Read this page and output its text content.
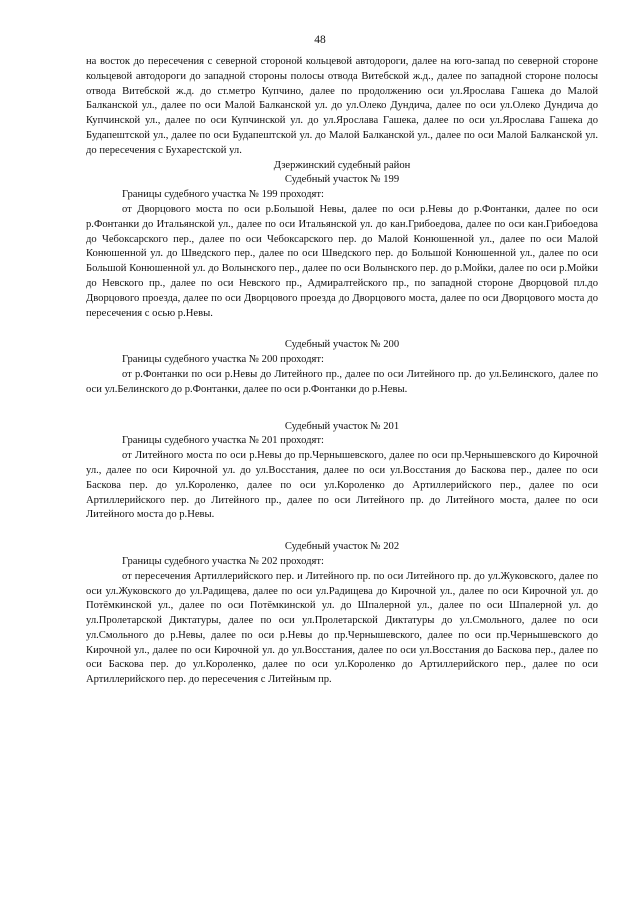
48

на восток до пересечения с северной стороной кольцевой автодороги, далее на юго-запад по северной стороне кольцевой автодороги до западной стороны полосы отвода Витебской ж.д., далее по западной стороне полосы отвода Витебской ж.д. до ст.метро Купчино, далее по продолжению оси ул.Ярослава Гашека до Малой Балканской ул., далее по оси Малой Балканской ул. до ул.Олеко Дундича, далее по оси ул.Олеко Дундича до Купчинской ул., далее по оси Купчинской ул. до ул.Ярослава Гашека, далее по оси ул.Ярослава Гашека до Будапештской ул., далее по оси Будапештской ул. до Малой Балканской ул., далее по оси Малой Балканской ул. до пересечения с Бухарестской ул.

Дзержинский судебный район

Судебный участок № 199

Границы судебного участка № 199 проходят:

от Дворцового моста по оси р.Большой Невы, далее по оси р.Невы до р.Фонтанки, далее по оси р.Фонтанки до Итальянской ул., далее по оси Итальянской ул. до кан.Грибоедова, далее по оси кан.Грибоедова до Чебоксарского пер., далее по оси Чебоксарского пер. до Малой Конюшенной ул., далее по оси Малой Конюшенной ул. до Шведского пер., далее по оси Шведского пер. до Большой Конюшенной ул., далее по оси Большой Конюшенной ул. до Волынского пер., далее по оси Волынского пер. до р.Мойки, далее по оси р.Мойки до Невского пр., далее по оси Невского пр., Адмиралтейского пр., по западной стороне Дворцовой пл.до Дворцового проезда, далее по оси Дворцового проезда до Дворцового моста, далее по оси Дворцового моста до пересечения с осью р.Невы.

Судебный участок № 200

Границы судебного участка № 200 проходят:

от р.Фонтанки по оси р.Невы до Литейного пр., далее по оси Литейного пр. до ул.Белинского, далее по оси ул.Белинского до р.Фонтанки, далее по оси р.Фонтанки до р.Невы.

Судебный участок № 201

Границы судебного участка № 201 проходят:

от Литейного моста по оси р.Невы до пр.Чернышевского, далее по оси пр.Чернышевского до Кирочной ул., далее по оси Кирочной ул. до ул.Восстания, далее по оси ул.Восстания до Баскова пер., далее по оси Баскова пер. до ул.Короленко, далее по оси ул.Короленко до Артиллерийского пер., далее по оси Артиллерийского пер. до Литейного пр., далее по оси Литейного пр. до Литейного моста, далее по оси Литейного моста до р.Невы.

Судебный участок № 202

Границы судебного участка № 202 проходят:

от пересечения Артиллерийского пер. и Литейного пр. по оси Литейного пр. до ул.Жуковского, далее по оси ул.Жуковского до ул.Радищева, далее по оси ул.Радищева до Кирочной ул., далее по оси Кирочной ул. до Потёмкинской ул., далее по оси Потёмкинской ул. до Шпалерной ул., далее по оси Шпалерной ул. до ул.Пролетарской Диктатуры, далее по оси ул.Пролетарской Диктатуры до ул.Смольного, далее по оси ул.Смольного до р.Невы, далее по оси р.Невы до пр.Чернышевского, далее по оси пр.Чернышевского до Кирочной ул., далее по оси Кирочной ул. до ул.Восстания, далее по оси ул.Восстания до Баскова пер., далее по оси Баскова пер. до ул.Короленко, далее по оси ул.Короленко до Артиллерийского пер., далее по оси Артиллерийского пер. до пересечения с Литейным пр.
